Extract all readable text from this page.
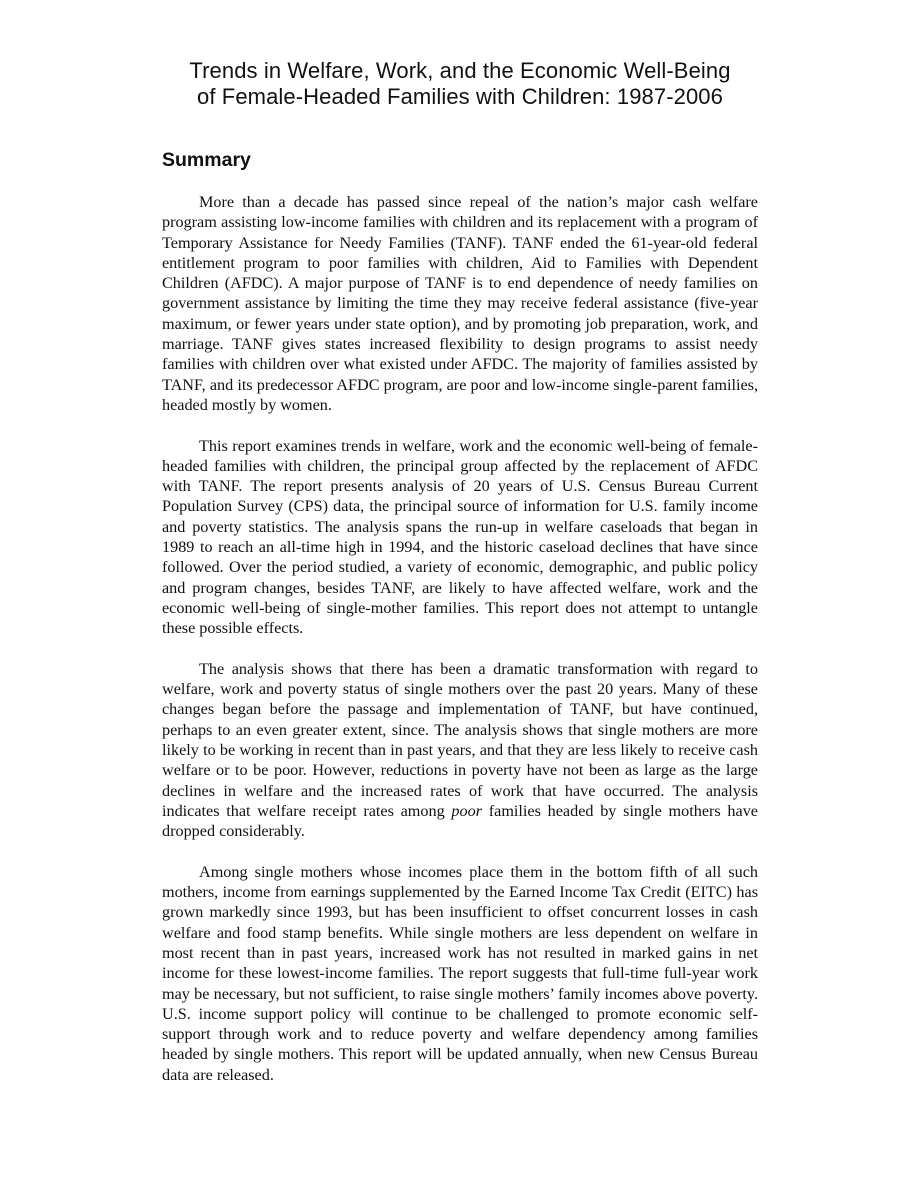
Trends in Welfare, Work, and the Economic Well-Being
of Female-Headed Families with Children: 1987-2006
Summary

More than a decade has passed since repeal of the nation’s major cash welfare program assisting low-income families with children and its replacement with a program of Temporary Assistance for Needy Families (TANF). TANF ended the 61-year-old federal entitlement program to poor families with children, Aid to Families with Dependent Children (AFDC). A major purpose of TANF is to end dependence of needy families on government assistance by limiting the time they may receive federal assistance (five-year maximum, or fewer years under state option), and by promoting job preparation, work, and marriage. TANF gives states increased flexibility to design programs to assist needy families with children over what existed under AFDC. The majority of families assisted by TANF, and its predecessor AFDC program, are poor and low-income single-parent families, headed mostly by women.

This report examines trends in welfare, work and the economic well-being of female-headed families with children, the principal group affected by the replacement of AFDC with TANF. The report presents analysis of 20 years of U.S. Census Bureau Current Population Survey (CPS) data, the principal source of information for U.S. family income and poverty statistics. The analysis spans the run-up in welfare caseloads that began in 1989 to reach an all-time high in 1994, and the historic caseload declines that have since followed. Over the period studied, a variety of economic, demographic, and public policy and program changes, besides TANF, are likely to have affected welfare, work and the economic well-being of single-mother families. This report does not attempt to untangle these possible effects.

The analysis shows that there has been a dramatic transformation with regard to welfare, work and poverty status of single mothers over the past 20 years. Many of these changes began before the passage and implementation of TANF, but have continued, perhaps to an even greater extent, since. The analysis shows that single mothers are more likely to be working in recent than in past years, and that they are less likely to receive cash welfare or to be poor. However, reductions in poverty have not been as large as the large declines in welfare and the increased rates of work that have occurred. The analysis indicates that welfare receipt rates among poor families headed by single mothers have dropped considerably.

Among single mothers whose incomes place them in the bottom fifth of all such mothers, income from earnings supplemented by the Earned Income Tax Credit (EITC) has grown markedly since 1993, but has been insufficient to offset concurrent losses in cash welfare and food stamp benefits. While single mothers are less dependent on welfare in most recent than in past years, increased work has not resulted in marked gains in net income for these lowest-income families. The report suggests that full-time full-year work may be necessary, but not sufficient, to raise single mothers’ family incomes above poverty. U.S. income support policy will continue to be challenged to promote economic self-support through work and to reduce poverty and welfare dependency among families headed by single mothers. This report will be updated annually, when new Census Bureau data are released.
